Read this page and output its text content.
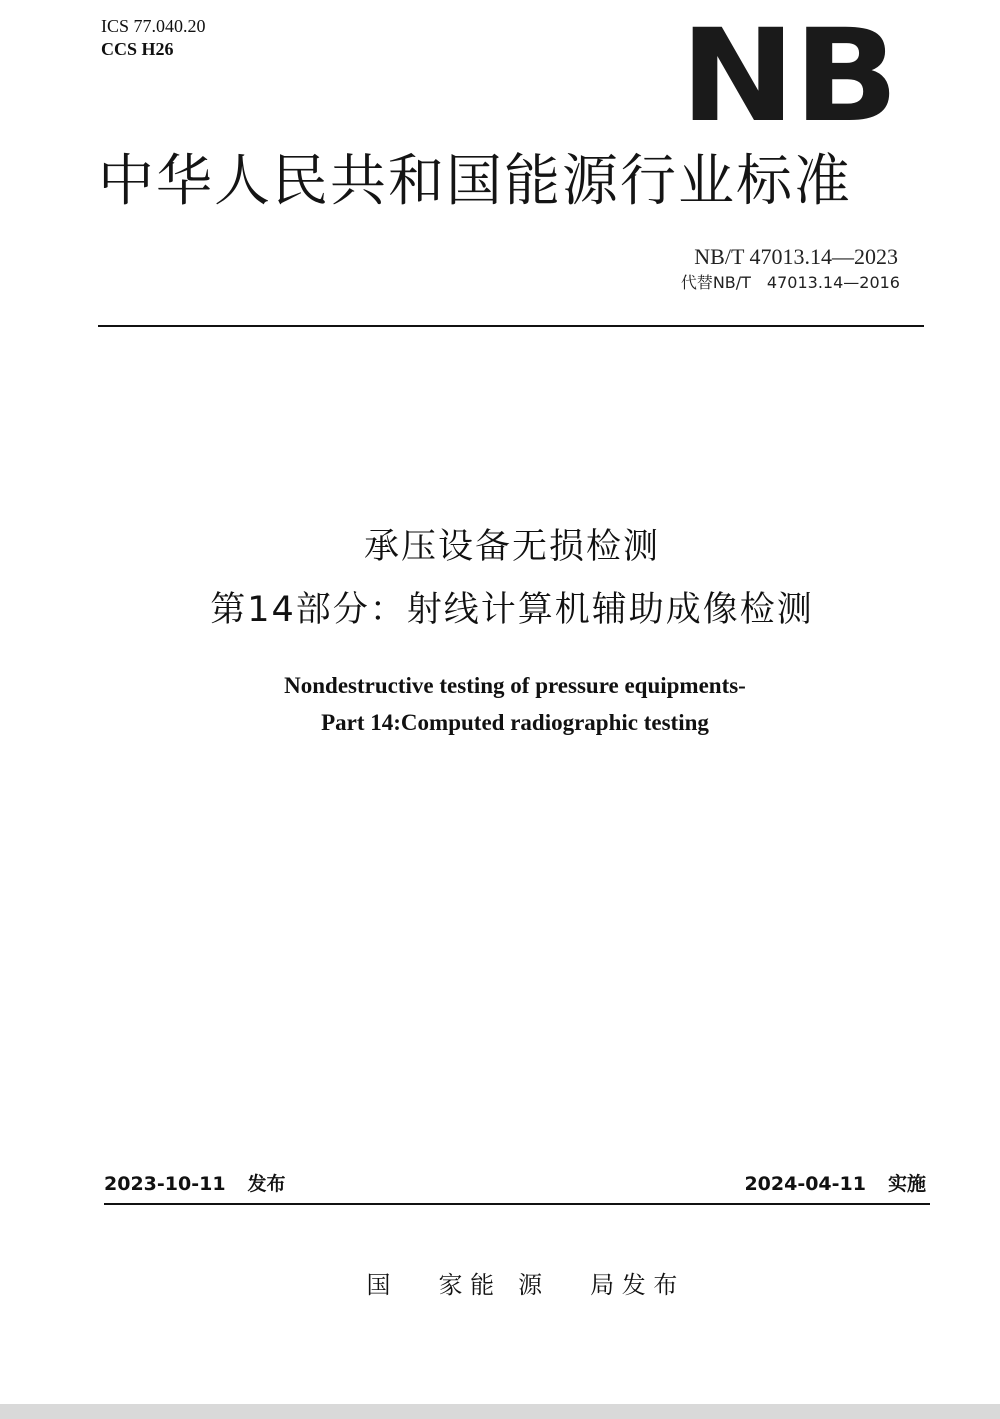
ICS 77.040.20
CCS H26	NB
中华人民共和国能源行业标准
NB/T 47013.14—2023
代替NB/T　47013.14—2016
承压设备无损检测
第14部分：射线计算机辅助成像检测
Nondestructive testing of pressure equipments-
Part 14:Computed radiographic testing
2023-10-11 发布	2024-04-11 实施
国　　家 能　源　　局 发 布
